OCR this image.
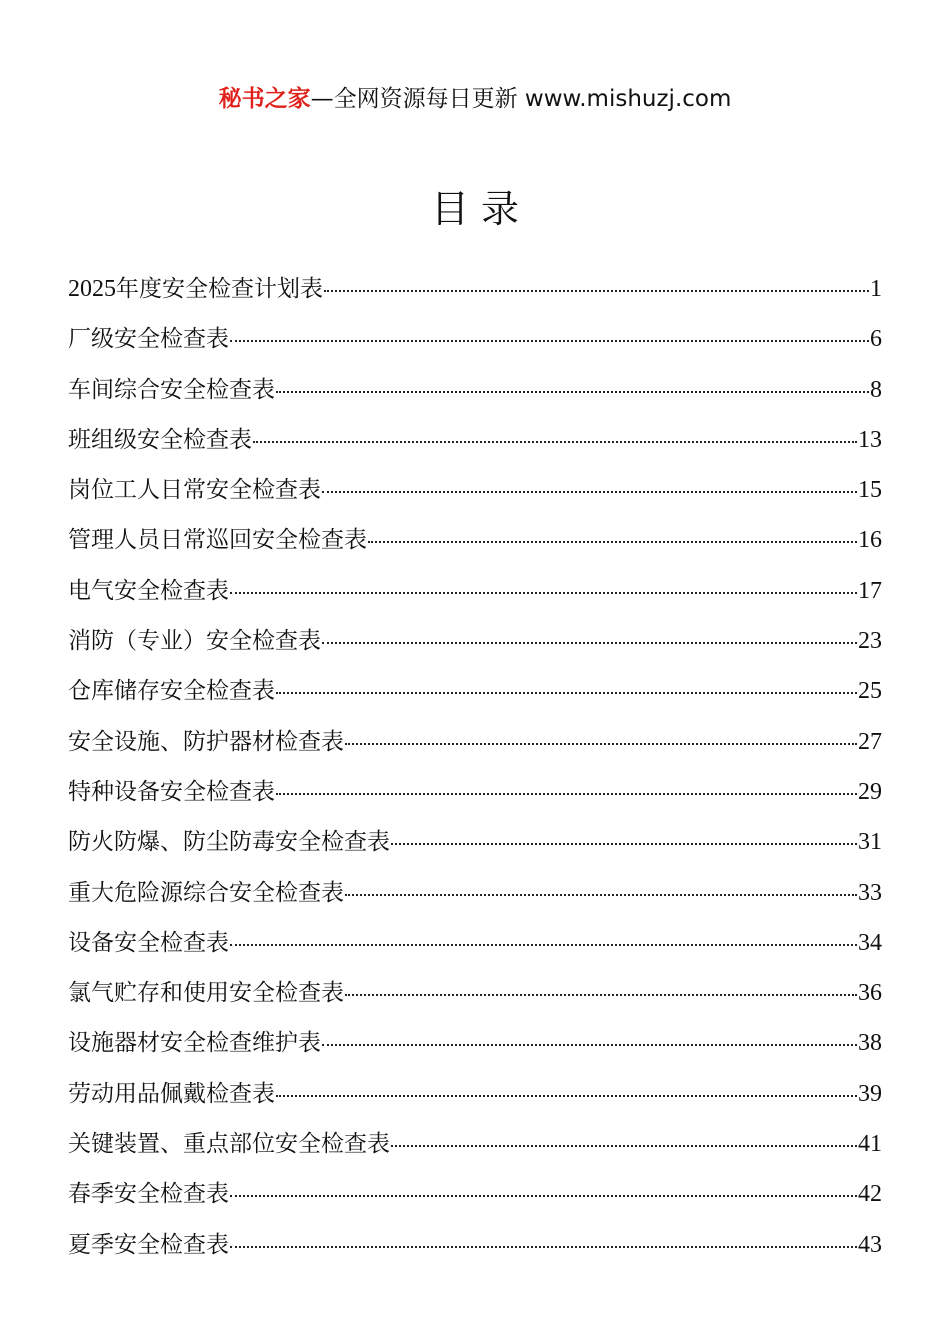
秘书之家—全网资源每日更新 www.mishuzj.com
目录
2025年度安全检查计划表	1
厂级安全检查表	6
车间综合安全检查表	8
班组级安全检查表	13
岗位工人日常安全检查表	15
管理人员日常巡回安全检查表	16
电气安全检查表	17
消防（专业）安全检查表	23
仓库储存安全检查表	25
安全设施、防护器材检查表	27
特种设备安全检查表	29
防火防爆、防尘防毒安全检查表	31
重大危险源综合安全检查表	33
设备安全检查表	34
氯气贮存和使用安全检查表	36
设施器材安全检查维护表	38
劳动用品佩戴检查表	39
关键装置、重点部位安全检查表	41
春季安全检查表	42
夏季安全检查表	43
